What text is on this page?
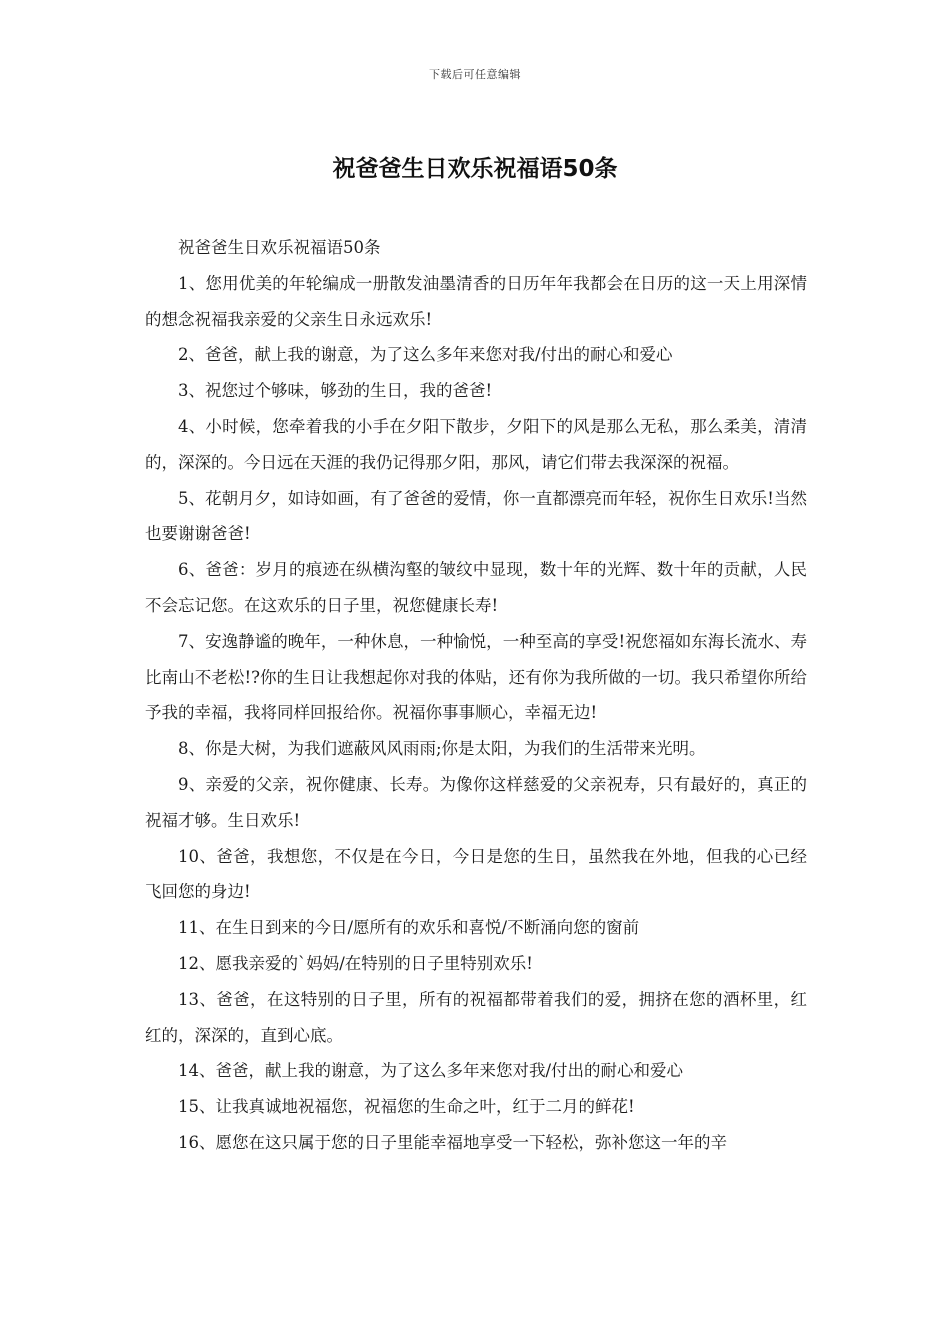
下载后可任意编辑
祝爸爸生日欢乐祝福语50条

祝爸爸生日欢乐祝福语50条

1、您用优美的年轮编成一册散发油墨清香的日历年年我都会在日历的这一天上用深情的想念祝福我亲爱的父亲生日永远欢乐!

2、爸爸，献上我的谢意，为了这么多年来您对我/付出的耐心和爱心

3、祝您过个够味，够劲的生日，我的爸爸!

4、小时候，您牵着我的小手在夕阳下散步，夕阳下的风是那么无私，那么柔美，清清的，深深的。今日远在天涯的我仍记得那夕阳，那风，请它们带去我深深的祝福。

5、花朝月夕，如诗如画，有了爸爸的爱情，你一直都漂亮而年轻，祝你生日欢乐!当然也要谢谢爸爸!

6、爸爸：岁月的痕迹在纵横沟壑的皱纹中显现，数十年的光辉、数十年的贡献，人民不会忘记您。在这欢乐的日子里，祝您健康长寿!

7、安逸静谧的晚年，一种休息，一种愉悦，一种至高的享受!祝您福如东海长流水、寿比南山不老松!?你的生日让我想起你对我的体贴，还有你为我所做的一切。我只希望你所给予我的幸福，我将同样回报给你。祝福你事事顺心，幸福无边!

8、你是大树，为我们遮蔽风风雨雨;你是太阳，为我们的生活带来光明。

9、亲爱的父亲，祝你健康、长寿。为像你这样慈爱的父亲祝寿，只有最好的，真正的祝福才够。生日欢乐!

10、爸爸，我想您，不仅是在今日，今日是您的生日，虽然我在外地，但我的心已经飞回您的身边!

11、在生日到来的今日/愿所有的欢乐和喜悦/不断涌向您的窗前

12、愿我亲爱的`妈妈/在特别的日子里特别欢乐!

13、爸爸，在这特别的日子里，所有的祝福都带着我们的爱，拥挤在您的酒杯里，红红的，深深的，直到心底。

14、爸爸，献上我的谢意，为了这么多年来您对我/付出的耐心和爱心

15、让我真诚地祝福您，祝福您的生命之叶，红于二月的鲜花!

16、愿您在这只属于您的日子里能幸福地享受一下轻松，弥补您这一年的辛
